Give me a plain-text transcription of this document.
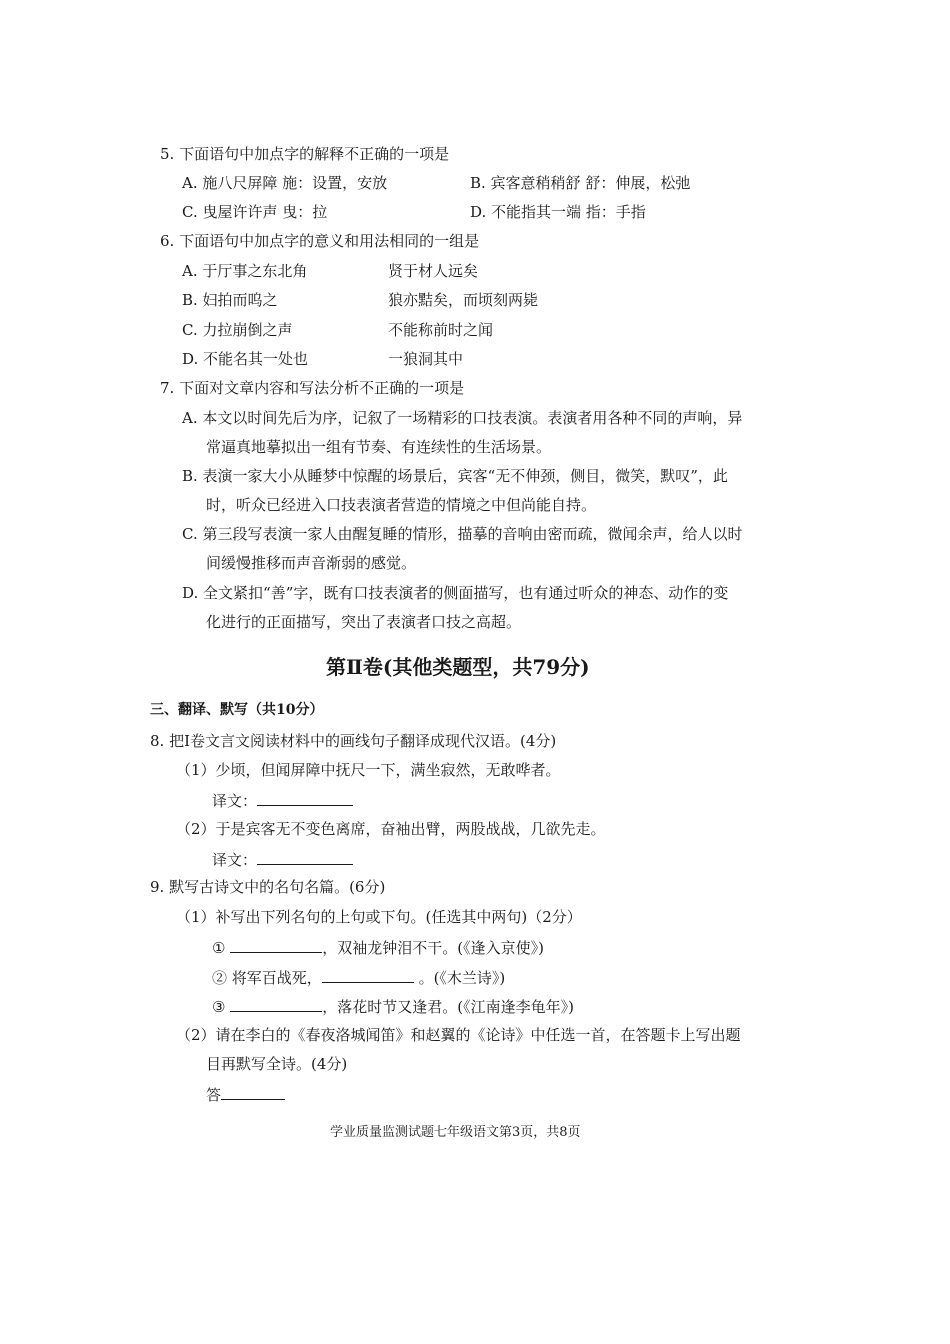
5. 下面语句中加点字的解释不正确的一项是
A. 施八尺屏障 施：设置，安放	B. 宾客意稍稍舒 舒：伸展，松弛
C. 曳屋许许声 曳：拉	D. 不能指其一端 指：手指
6. 下面语句中加点字的意义和用法相同的一组是
A. 于厅事之东北角	贤于材人远矣
B. 妇拍而呜之	狼亦黠矣，而顷刻两毙
C. 力拉崩倒之声	不能称前时之闻
D. 不能名其一处也	一狼洞其中
7. 下面对文章内容和写法分析不正确的一项是
A. 本文以时间先后为序，记叙了一场精彩的口技表演。表演者用各种不同的声响，异
常逼真地摹拟出一组有节奏、有连续性的生活场景。
B. 表演一家大小从睡梦中惊醒的场景后，宾客“无不伸颈，侧目，微笑，默叹”，此
时，听众已经进入口技表演者营造的情境之中但尚能自持。
C. 第三段写表演一家人由醒复睡的情形，描摹的音响由密而疏，微闻余声，给人以时
间缓慢推移而声音渐弱的感觉。
D. 全文紧扣“善”字，既有口技表演者的侧面描写，也有通过听众的神态、动作的变
化进行的正面描写，突出了表演者口技之高超。
第Ⅱ卷(其他类题型，共79分)
三、翻译、默写（共10分）
8. 把Ⅰ卷文言文阅读材料中的画线句子翻译成现代汉语。(4分)
（1）少顷，但闻屏障中抚尺一下，满坐寂然，无敢哗者。
译文：
（2）于是宾客无不变色离席，奋袖出臂，两股战战，几欲先走。
译文：
9. 默写古诗文中的名句名篇。(6分)
（1）补写出下列名句的上句或下句。(任选其中两句)（2分）
①	，双袖龙钟泪不干。(《逢入京使》)
② 将军百战死，	。(《木兰诗》)
③	，落花时节又逢君。(《江南逢李龟年》)
（2）请在李白的《春夜洛城闻笛》和赵翼的《论诗》中任选一首，在答题卡上写出题
目再默写全诗。(4分)
答
学业质量监测试题七年级语文第3页，共8页
